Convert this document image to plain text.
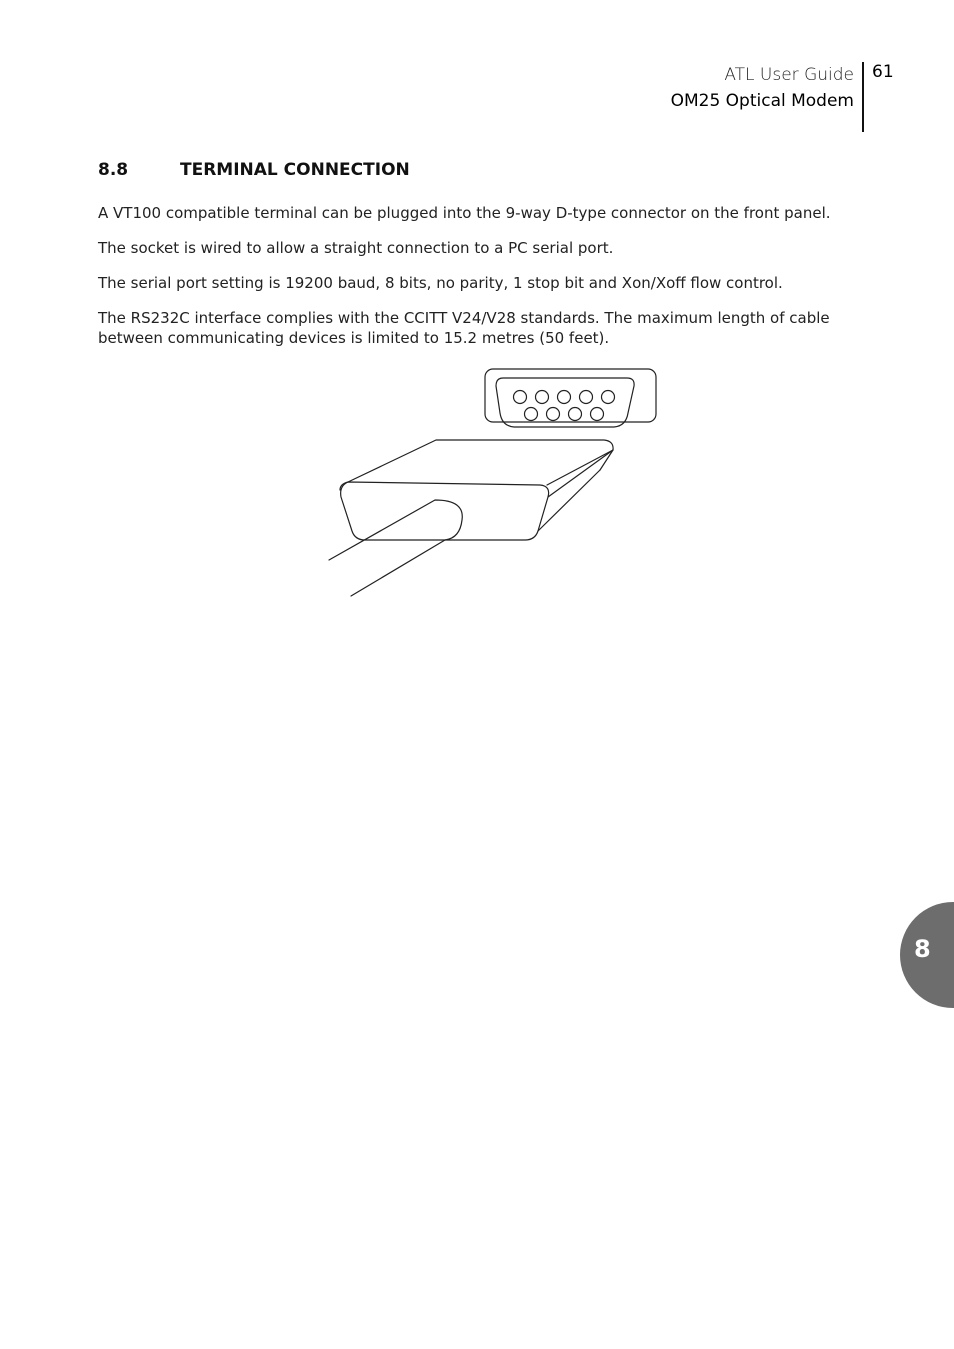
ATL User Guide
OM25 Optical Modem
61
8.8	TERMINAL CONNECTION

A VT100 compatible terminal can be plugged into the 9-way D-type connector on the front panel.

The socket is wired to allow a straight connection to a PC serial port.

The serial port setting is 19200 baud, 8 bits, no parity, 1 stop bit and Xon/Xoff flow control.

The RS232C interface complies with the CCITT V24/V28 standards. The maximum length of cable between communicating devices is limited to 15.2 metres (50 feet).

8
